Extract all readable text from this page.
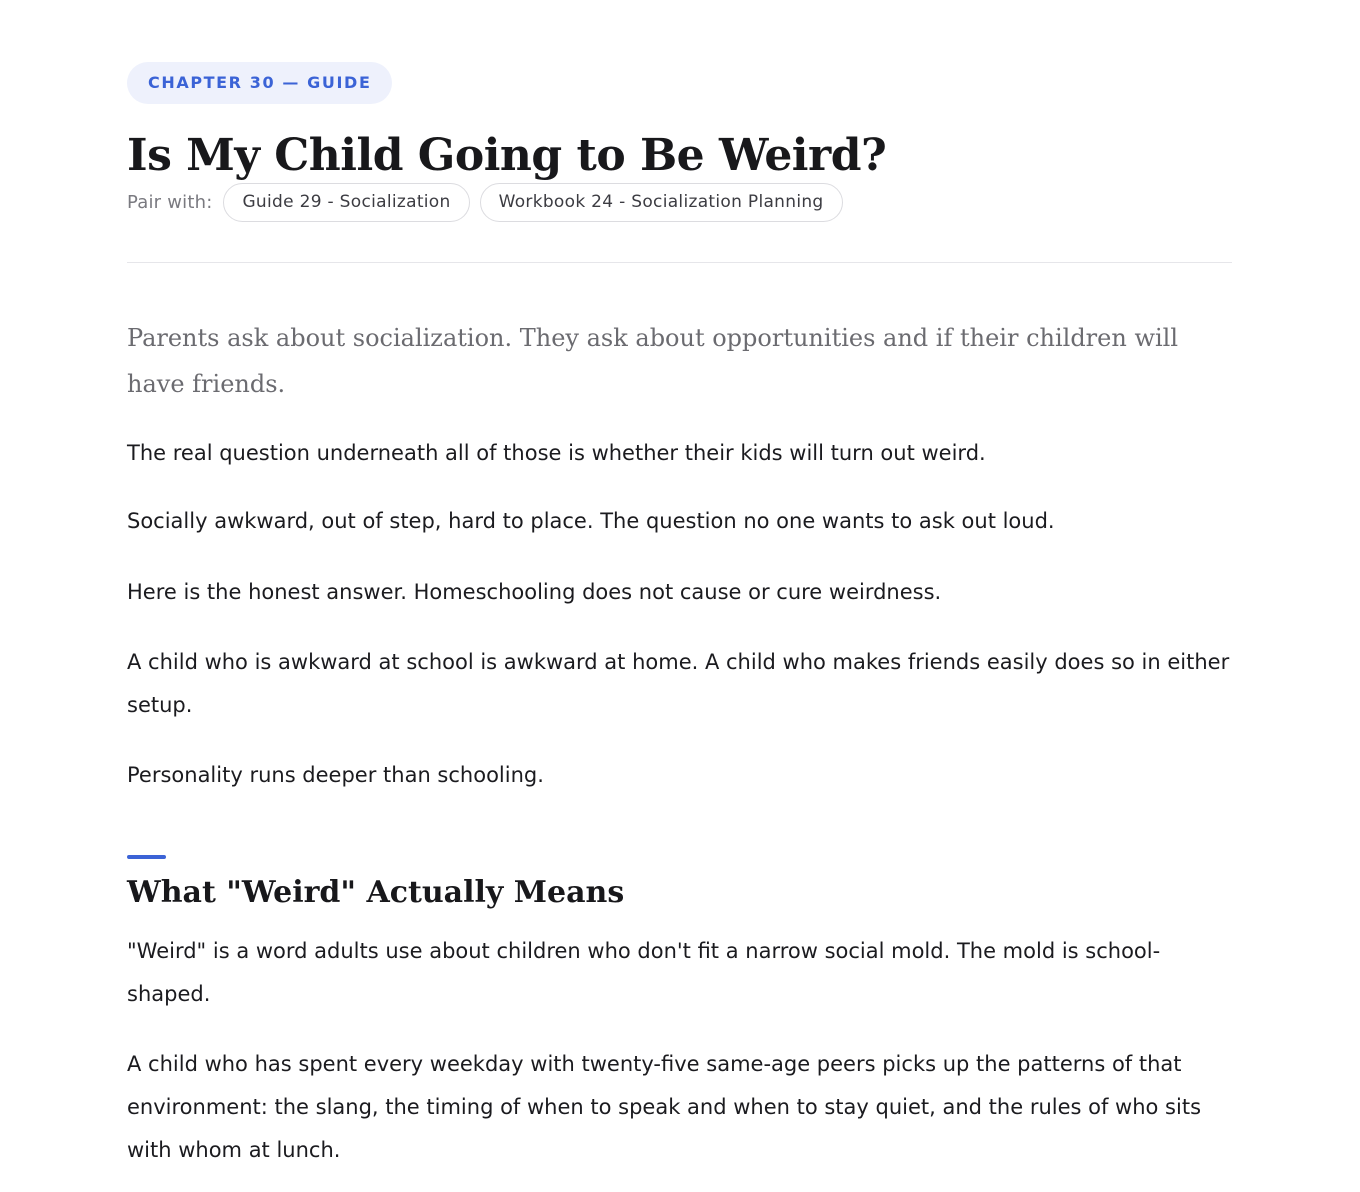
CHAPTER 30 — GUIDE
Is My Child Going to Be Weird?
Pair with:	Guide 29 - Socialization	Workbook 24 - Socialization Planning

Parents ask about socialization. They ask about opportunities and if their children will have friends.

The real question underneath all of those is whether their kids will turn out weird.

Socially awkward, out of step, hard to place. The question no one wants to ask out loud.

Here is the honest answer. Homeschooling does not cause or cure weirdness.

A child who is awkward at school is awkward at home. A child who makes friends easily does so in either setup.

Personality runs deeper than schooling.

What "Weird" Actually Means

"Weird" is a word adults use about children who don't fit a narrow social mold. The mold is school-shaped.

A child who has spent every weekday with twenty-five same-age peers picks up the patterns of that environment: the slang, the timing of when to speak and when to stay quiet, and the rules of who sits with whom at lunch.
